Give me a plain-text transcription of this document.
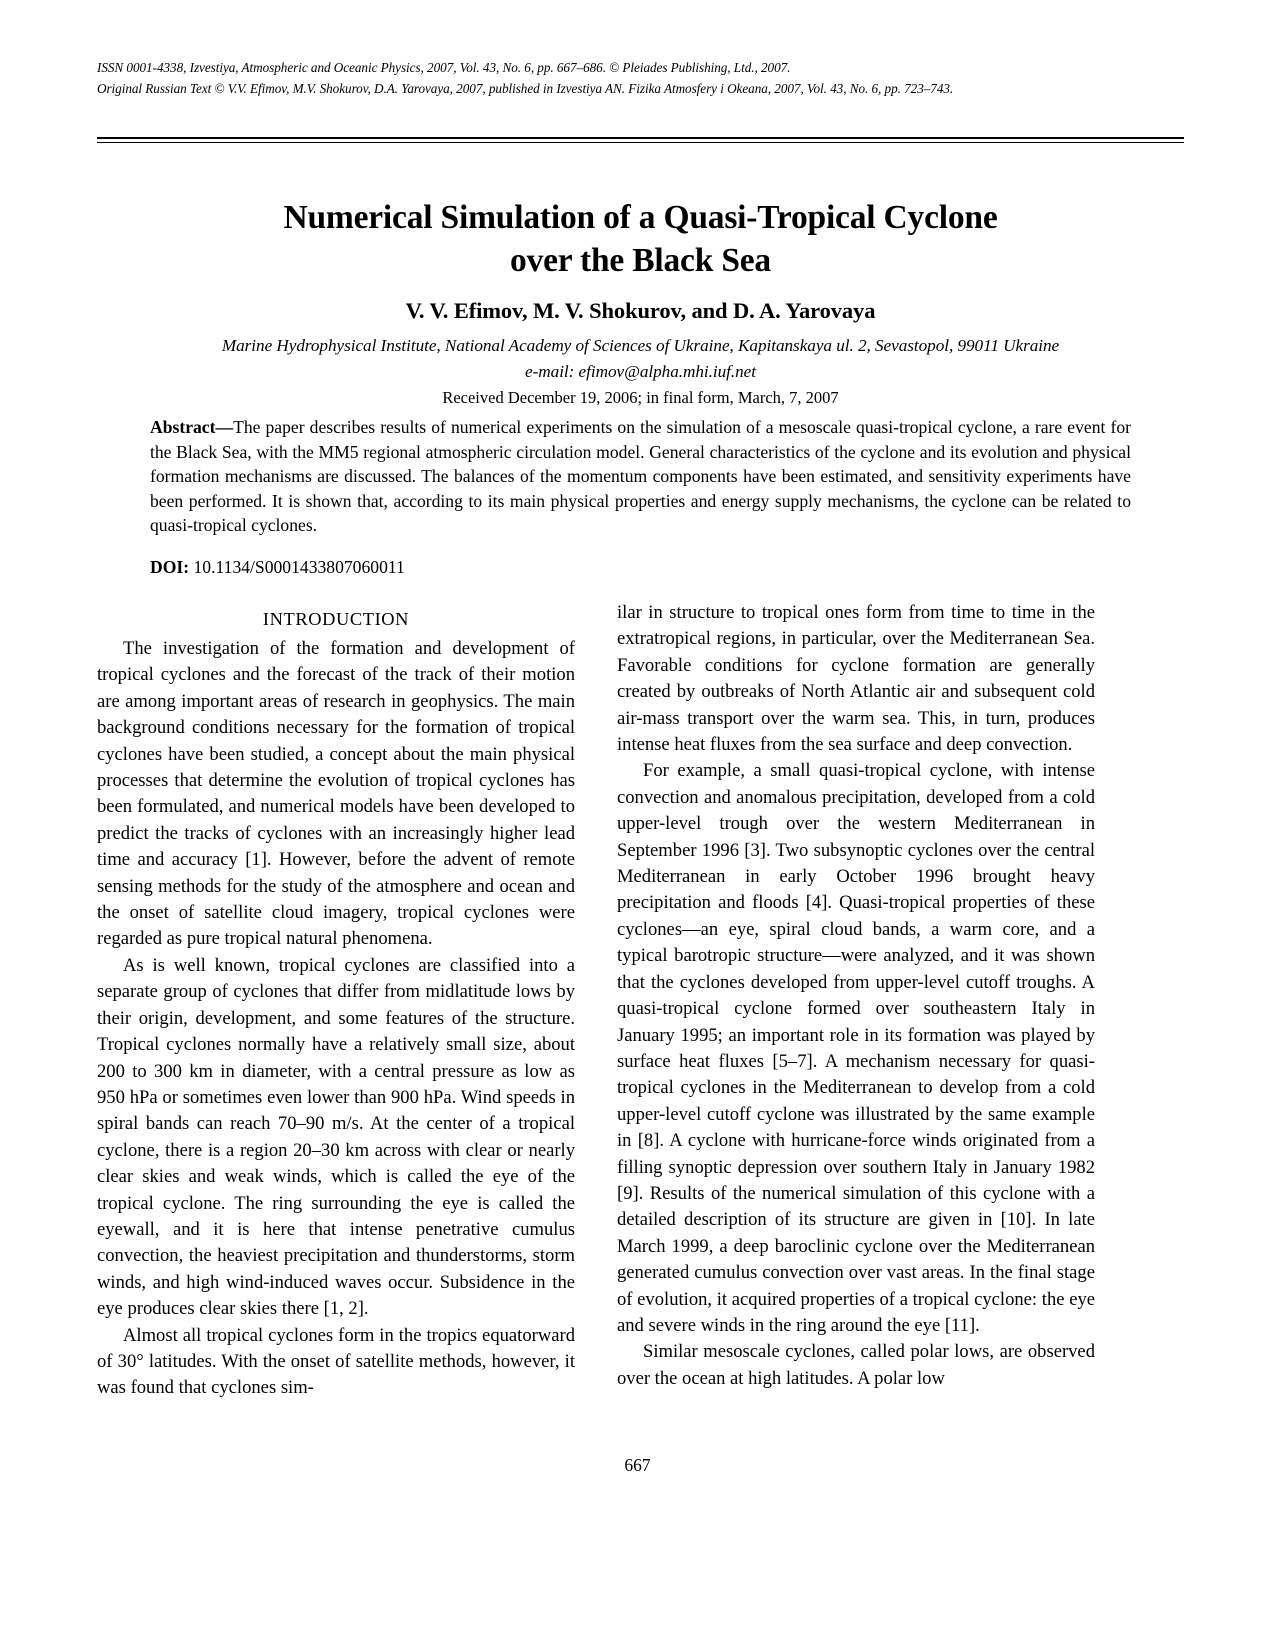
ISSN 0001-4338, Izvestiya, Atmospheric and Oceanic Physics, 2007, Vol. 43, No. 6, pp. 667–686. © Pleiades Publishing, Ltd., 2007.
Original Russian Text © V.V. Efimov, M.V. Shokurov, D.A. Yarovaya, 2007, published in Izvestiya AN. Fizika Atmosfery i Okeana, 2007, Vol. 43, No. 6, pp. 723–743.
Numerical Simulation of a Quasi-Tropical Cyclone
over the Black Sea
V. V. Efimov, M. V. Shokurov, and D. A. Yarovaya
Marine Hydrophysical Institute, National Academy of Sciences of Ukraine, Kapitanskaya ul. 2, Sevastopol, 99011 Ukraine
e-mail: efimov@alpha.mhi.iuf.net
Received December 19, 2006; in final form, March, 7, 2007

Abstract—The paper describes results of numerical experiments on the simulation of a mesoscale quasi-tropical cyclone, a rare event for the Black Sea, with the MM5 regional atmospheric circulation model. General characteristics of the cyclone and its evolution and physical formation mechanisms are discussed. The balances of the momentum components have been estimated, and sensitivity experiments have been performed. It is shown that, according to its main physical properties and energy supply mechanisms, the cyclone can be related to quasi-tropical cyclones.

DOI: 10.1134/S0001433807060011
INTRODUCTION

The investigation of the formation and development of tropical cyclones and the forecast of the track of their motion are among important areas of research in geophysics. The main background conditions necessary for the formation of tropical cyclones have been studied, a concept about the main physical processes that determine the evolution of tropical cyclones has been formulated, and numerical models have been developed to predict the tracks of cyclones with an increasingly higher lead time and accuracy [1]. However, before the advent of remote sensing methods for the study of the atmosphere and ocean and the onset of satellite cloud imagery, tropical cyclones were regarded as pure tropical natural phenomena.

As is well known, tropical cyclones are classified into a separate group of cyclones that differ from midlatitude lows by their origin, development, and some features of the structure. Tropical cyclones normally have a relatively small size, about 200 to 300 km in diameter, with a central pressure as low as 950 hPa or sometimes even lower than 900 hPa. Wind speeds in spiral bands can reach 70–90 m/s. At the center of a tropical cyclone, there is a region 20–30 km across with clear or nearly clear skies and weak winds, which is called the eye of the tropical cyclone. The ring surrounding the eye is called the eyewall, and it is here that intense penetrative cumulus convection, the heaviest precipitation and thunderstorms, storm winds, and high wind-induced waves occur. Subsidence in the eye produces clear skies there [1, 2].

Almost all tropical cyclones form in the tropics equatorward of 30° latitudes. With the onset of satellite methods, however, it was found that cyclones sim-

ilar in structure to tropical ones form from time to time in the extratropical regions, in particular, over the Mediterranean Sea. Favorable conditions for cyclone formation are generally created by outbreaks of North Atlantic air and subsequent cold air-mass transport over the warm sea. This, in turn, produces intense heat fluxes from the sea surface and deep convection.

For example, a small quasi-tropical cyclone, with intense convection and anomalous precipitation, developed from a cold upper-level trough over the western Mediterranean in September 1996 [3]. Two subsynoptic cyclones over the central Mediterranean in early October 1996 brought heavy precipitation and floods [4]. Quasi-tropical properties of these cyclones—an eye, spiral cloud bands, a warm core, and a typical barotropic structure—were analyzed, and it was shown that the cyclones developed from upper-level cutoff troughs. A quasi-tropical cyclone formed over southeastern Italy in January 1995; an important role in its formation was played by surface heat fluxes [5–7]. A mechanism necessary for quasi-tropical cyclones in the Mediterranean to develop from a cold upper-level cutoff cyclone was illustrated by the same example in [8]. A cyclone with hurricane-force winds originated from a filling synoptic depression over southern Italy in January 1982 [9]. Results of the numerical simulation of this cyclone with a detailed description of its structure are given in [10]. In late March 1999, a deep baroclinic cyclone over the Mediterranean generated cumulus convection over vast areas. In the final stage of evolution, it acquired properties of a tropical cyclone: the eye and severe winds in the ring around the eye [11].

Similar mesoscale cyclones, called polar lows, are observed over the ocean at high latitudes. A polar low

667
